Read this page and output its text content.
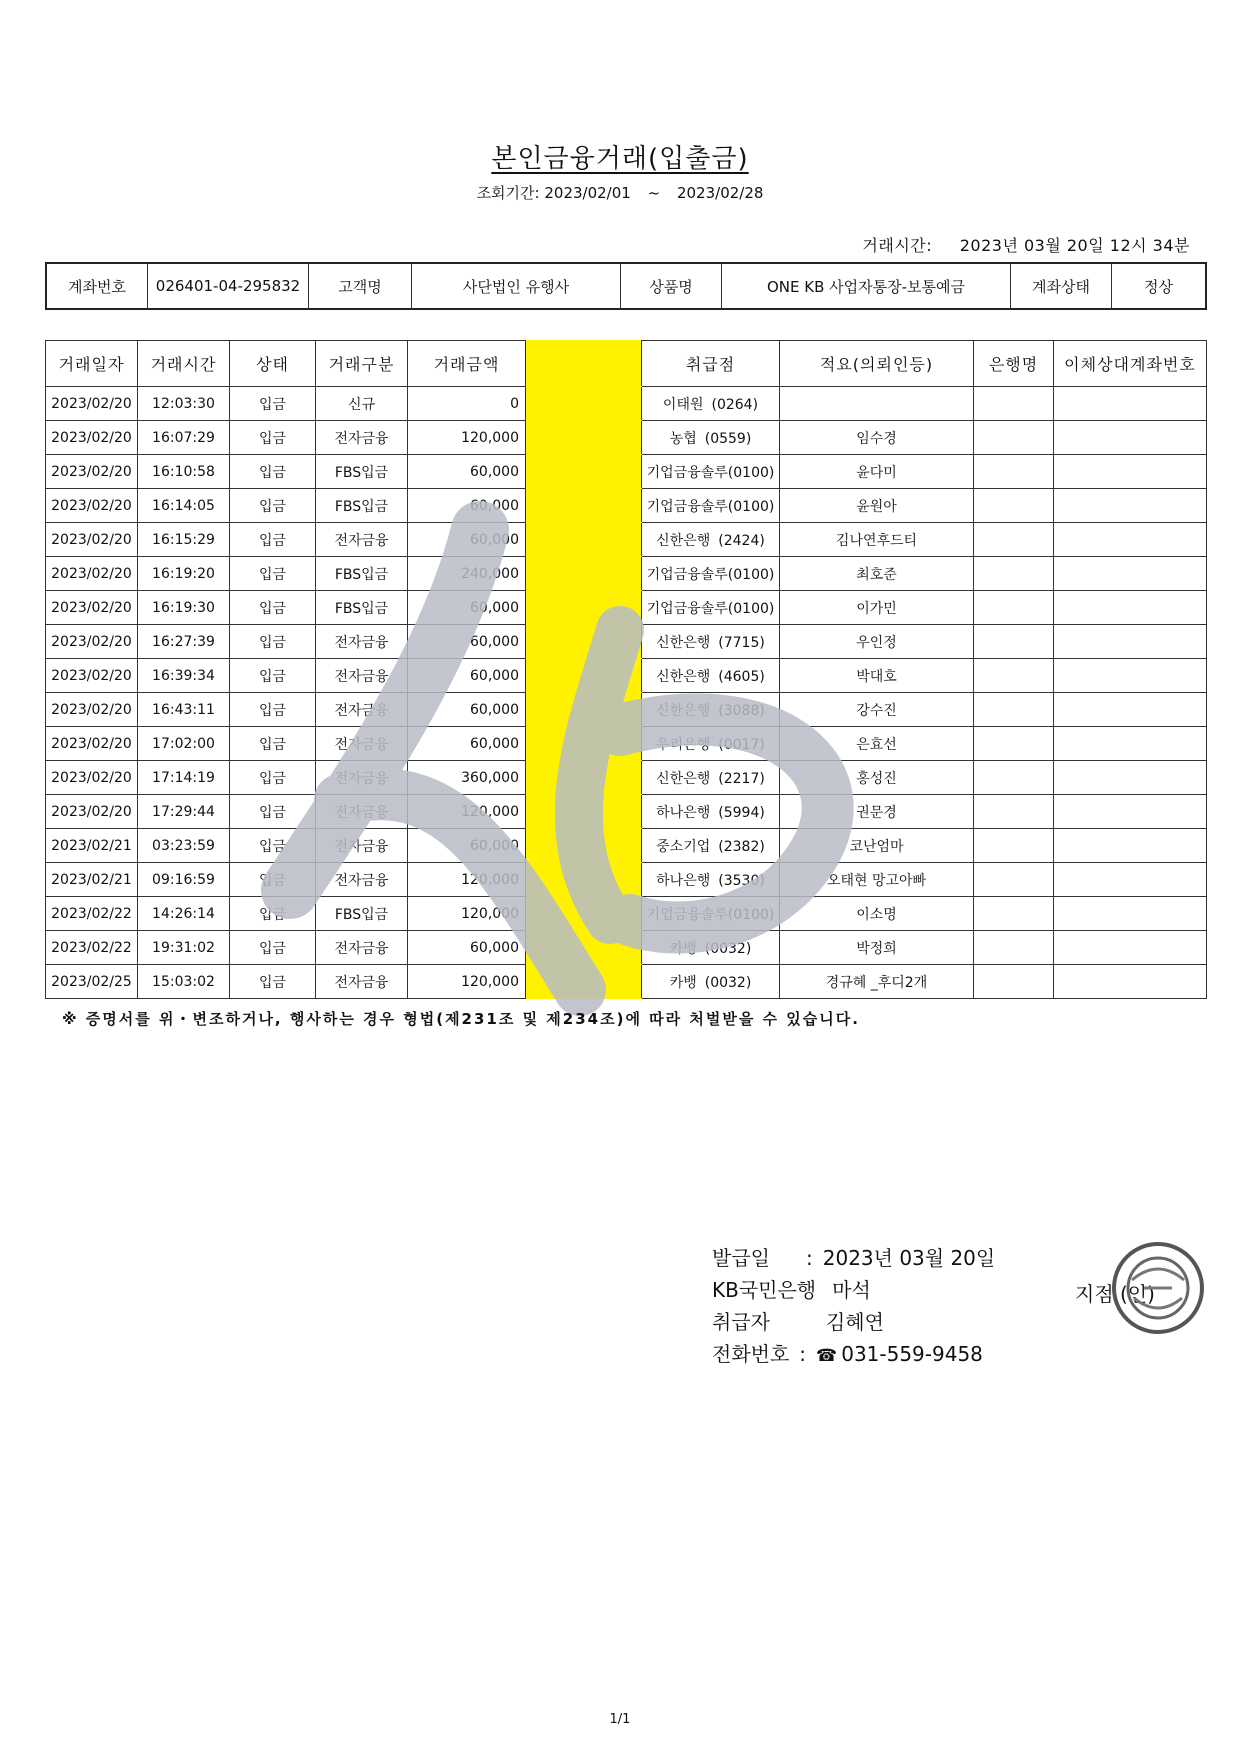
본인금융거래(입출금)
조회기간: 2023/02/01 ~ 2023/02/28
거래시간: 2023년 03월 20일 12시 34분
계좌번호	026401-04-295832	고객명	사단법인 유행사	상품명	ONE KB 사업자통장-보통예금	계좌상태	정상
거래일자	거래시간	상태	거래구분	거래금액		취급점	적요(의뢰인등)	은행명	이체상대계좌번호
2023/02/20	12:03:30	입금	신규	0		이태원 (0264)			
2023/02/20	16:07:29	입금	전자금융	120,000		농협 (0559)	임수경		
2023/02/20	16:10:58	입금	FBS입금	60,000		기업금융솔루(0100)	윤다미		
2023/02/20	16:14:05	입금	FBS입금	60,000		기업금융솔루(0100)	윤원아		
2023/02/20	16:15:29	입금	전자금융	60,000		신한은행 (2424)	김나연후드티		
2023/02/20	16:19:20	입금	FBS입금	240,000		기업금융솔루(0100)	최호준		
2023/02/20	16:19:30	입금	FBS입금	60,000		기업금융솔루(0100)	이가민		
2023/02/20	16:27:39	입금	전자금융	60,000		신한은행 (7715)	우인정		
2023/02/20	16:39:34	입금	전자금융	60,000		신한은행 (4605)	박대호		
2023/02/20	16:43:11	입금	전자금융	60,000		신한은행 (3088)	강수진		
2023/02/20	17:02:00	입금	전자금융	60,000		우리은행 (0017)	은효선		
2023/02/20	17:14:19	입금	전자금융	360,000		신한은행 (2217)	홍성진		
2023/02/20	17:29:44	입금	전자금융	120,000		하나은행 (5994)	권문경		
2023/02/21	03:23:59	입금	전자금융	60,000		중소기업 (2382)	코난엄마		
2023/02/21	09:16:59	입금	전자금융	120,000		하나은행 (3530)	오태현 망고아빠		
2023/02/22	14:26:14	입금	FBS입금	120,000		기업금융솔루(0100)	이소명		
2023/02/22	19:31:02	입금	전자금융	60,000		카뱅 (0032)	박정희		
2023/02/25	15:03:02	입금	전자금융	120,000		카뱅 (0032)	경규혜 _후디2개		
※ 증명서를 위・변조하거나, 행사하는 경우 형법(제231조 및 제234조)에 따라 처벌받을 수 있습니다.
발급일 : 2023년 03월 20일
KB국민은행 마석
취급자	김혜연
전화번호 : ☎ 031-559-9458
지점 (인)
1/1
